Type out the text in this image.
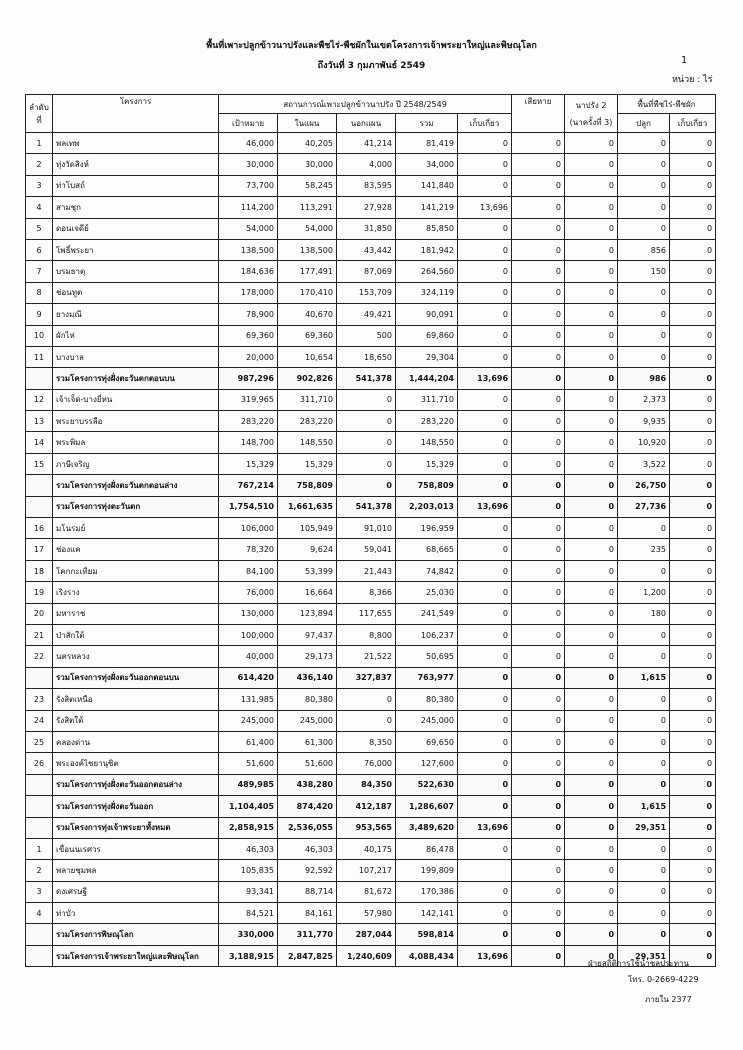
พื้นที่เพาะปลูกข้าวนาปรังและพืชไร่-พืชผักในเขตโครงการเจ้าพระยาใหญ่และพิษณุโลก
ถึงวันที่ 3 กุมภาพันธ์ 2549	1
หน่วย : ไร่
ลำดับที่	โครงการ	สถานการณ์เพาะปลูกข้าวนาปรัง ปี 2548/2549					เสียหาย	นาปรัง 2
(นาครั้งที่ 3)	พื้นที่พืชไร่-พืชผัก	
		เป้าหมาย	ในแผน	นอกแผน	รวม	เก็บเกี่ยว			ปลูก	เก็บเกี่ยว
1	พลเทพ	46,000	40,205	41,214	81,419	0	0	0	0	0
2	ทุ่งวัดสิงห์	30,000	30,000	4,000	34,000	0	0	0	0	0
3	ท่าโบสถ์	73,700	58,245	83,595	141,840	0	0	0	0	0
4	สามชุก	114,200	113,291	27,928	141,219	13,696	0	0	0	0
5	ดอนเจดีย์	54,000	54,000	31,850	85,850	0	0	0	0	0
6	โพธิ์พระยา	138,500	138,500	43,442	181,942	0	0	0	856	0
7	บรมธาตุ	184,636	177,491	87,069	264,560	0	0	0	150	0
8	ช่อนทูต	178,000	170,410	153,709	324,119	0	0	0	0	0
9	ยางมณี	78,900	40,670	49,421	90,091	0	0	0	0	0
10	ผักไห่	69,360	69,360	500	69,860	0	0	0	0	0
11	บางบาล	20,000	10,654	18,650	29,304	0	0	0	0	0
	รวมโครงการทุ่งฝั่งตะวันตกตอนบน	987,296	902,826	541,378	1,444,204	13,696	0	0	986	0
12	เจ้าเจ็ด-บางยี่หน	319,965	311,710	0	311,710	0	0	0	2,373	0
13	พระยาบรรลือ	283,220	283,220	0	283,220	0	0	0	9,935	0
14	พระพิมล	148,700	148,550	0	148,550	0	0	0	10,920	0
15	ภาษีเจริญ	15,329	15,329	0	15,329	0	0	0	3,522	0
	รวมโครงการทุ่งฝั่งตะวันตกตอนล่าง	767,214	758,809	0	758,809	0	0	0	26,750	0
	รวมโครงการทุ่งตะวันตก	1,754,510	1,661,635	541,378	2,203,013	13,696	0	0	27,736	0
16	มโนรมย์	106,000	105,949	91,010	196,959	0	0	0	0	0
17	ช่องแค	78,320	9,624	59,041	68,665	0	0	0	235	0
18	โคกกะเทียม	84,100	53,399	21,443	74,842	0	0	0	0	0
19	เริงราง	76,000	16,664	8,366	25,030	0	0	0	1,200	0
20	มหาราช	130,000	123,894	117,655	241,549	0	0	0	180	0
21	ป่าสักใต้	100,000	97,437	8,800	106,237	0	0	0	0	0
22	นครหลวง	40,000	29,173	21,522	50,695	0	0	0	0	0
	รวมโครงการทุ่งฝั่งตะวันออกตอนบน	614,420	436,140	327,837	763,977	0	0	0	1,615	0
23	รังสิตเหนือ	131,985	80,380	0	80,380	0	0	0	0	0
24	รังสิตใต้	245,000	245,000	0	245,000	0	0	0	0	0
25	คลองด่าน	61,400	61,300	8,350	69,650	0	0	0	0	0
26	พระองค์ไชยานุชิต	51,600	51,600	76,000	127,600	0	0	0	0	0
	รวมโครงการทุ่งฝั่งตะวันออกตอนล่าง	489,985	438,280	84,350	522,630	0	0	0	0	0
	รวมโครงการทุ่งฝั่งตะวันออก	1,104,405	874,420	412,187	1,286,607	0	0	0	1,615	0
	รวมโครงการทุ่งเจ้าพระยาทั้งหมด	2,858,915	2,536,055	953,565	3,489,620	13,696	0	0	29,351	0
1	เขื่อนนเรศวร	46,303	46,303	40,175	86,478	0	0	0	0	0
2	พลายชุมพล	105,835	92,592	107,217	199,809		0	0	0	0
3	ดงเศรษฐี	93,341	88,714	81,672	170,386	0	0	0	0	0
4	ท่าบัว	84,521	84,161	57,980	142,141	0	0	0	0	0
	รวมโครงการพิษณุโลก	330,000	311,770	287,044	598,814	0	0	0	0	0
	รวมโครงการเจ้าพระยาใหญ่และพิษณุโลก	3,188,915	2,847,825	1,240,609	4,088,434	13,696	0	0	29,351	0
ฝ่ายสถิติการใช้น้ำชลประทาน
โทร. 0-2669-4229
ภายใน 2377
